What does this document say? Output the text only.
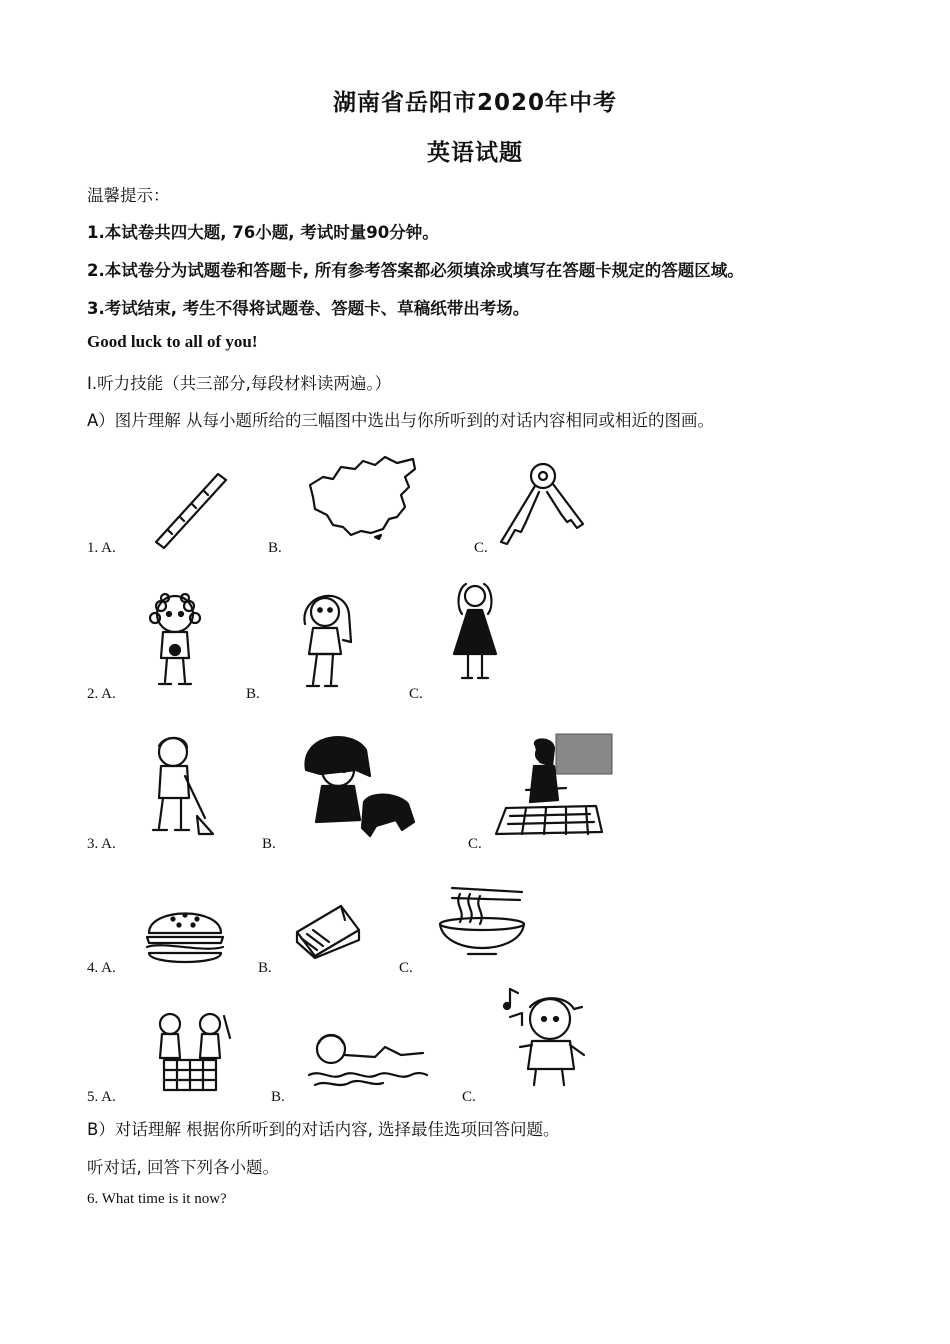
湖南省岳阳市2020年中考
英语试题
温馨提示：
1.本试卷共四大题, 76小题, 考试时量90分钟。
2.本试卷分为试题卷和答题卡, 所有参考答案都必须填涂或填写在答题卡规定的答题区域。
3.考试结束, 考生不得将试题卷、答题卡、草稿纸带出考场。
Good luck to all of you!
I.听力技能（共三部分,每段材料读两遍。）
A）图片理解 从每小题所给的三幅图中选出与你所听到的对话内容相同或相近的图画。
1. A.	B.	C.
2. A.	B.	C.
3. A.	B.	C.
4. A.	B.	C.
5. A.	B.	C.
B）对话理解 根据你所听到的对话内容, 选择最佳选项回答问题。
听对话, 回答下列各小题。
6. What time is it now?
